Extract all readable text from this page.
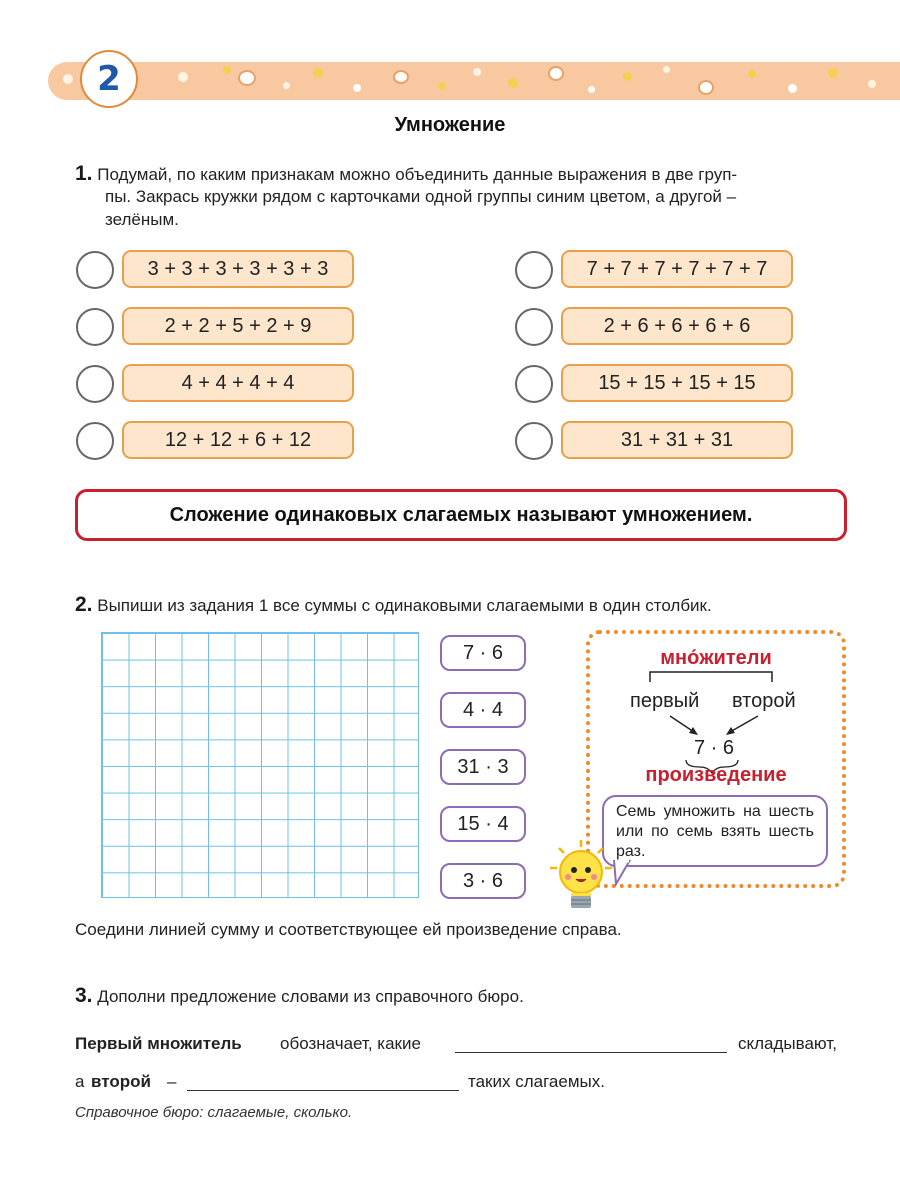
2
Умножение
1. Подумай, по каким признакам можно объединить данные выражения в две груп-
пы. Закрась кружки рядом с карточками одной группы синим цветом, а другой –
зелёным.
3 + 3 + 3 + 3 + 3 + 3
2 + 2 + 5 + 2 + 9
4 + 4 + 4 + 4
12 + 12 + 6 + 12
7 + 7 + 7 + 7 + 7 + 7
2 + 6 + 6 + 6 + 6
15 + 15 + 15 + 15
31 + 31 + 31
Сложение одинаковых слагаемых называют умножением.
2. Выпиши из задания 1 все суммы с одинаковыми слагаемыми в один столбик.
7 · 6
4 · 4
31 · 3
15 · 4
3 · 6
мно́жители
первый второй
7 · 6
произведение
Семь умножить на шесть или по семь взять шесть раз.
Соедини линией сумму и соответствующее ей произведение справа.
3. Дополни предложение словами из справочного бюро.
Первый множитель обозначает, какие	складывают,
а второй –	таких слагаемых.
Справочное бюро: слагаемые, сколько.
